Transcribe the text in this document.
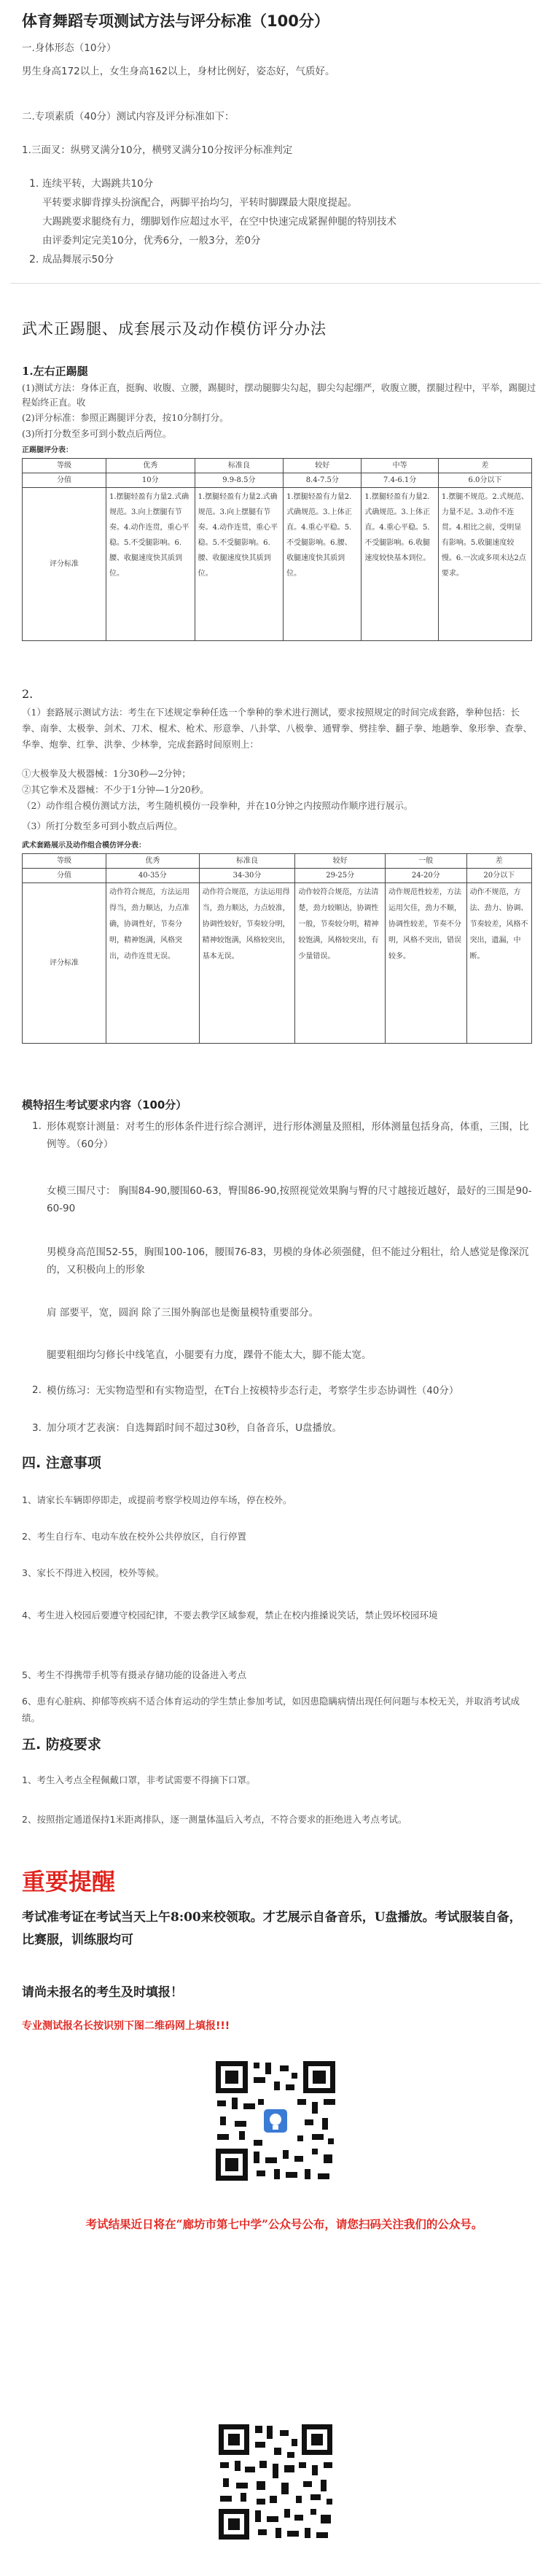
体育舞蹈专项测试方法与评分标准（100分）
一.身体形态（10分）
男生身高172以上，女生身高162以上，身材比例好，姿态好，气质好。
二.专项素质（40分）测试内容及评分标准如下：
1.三面叉：纵劈叉满分10分，横劈叉满分10分按评分标准判定
1. 连续平转，大踢跳共10分
平转要求脚背撑头扮演配合，两脚平抬均匀，平转时脚踝最大限度提起。
大踢跳要求腿绕有力，绷脚划作应超过水平，在空中快速完成紧握伸腿的特别技术
由评委判定完美10分，优秀6分，一般3分，差0分
2. 成品舞展示50分
武术正踢腿、成套展示及动作模仿评分办法
1.左右正踢腿
(1)测试方法：身体正直，挺胸、收腹、立腰，踢腿时，摆动腿脚尖勾起，脚尖勾起绷严，收腹立腰，摆腿过程中，平举，踢腿过程始终正直。收
(2)评分标准：参照正踢腿评分表，按10分制打分。
(3)所打分数至多可到小数点后两位。
正踢腿评分表：
等级	优秀	标准良	较好	中等	差
分值	10分	9.9-8.5分	8.4-7.5分	7.4-6.1分	6.0分以下
评分标准	1.摆腿轻盈有力量2.式确规范。3.向上摆腿有节奏。4.动作连贯，重心平稳。5.不受腿影响。6.腰、收腿速度快其质到位。	1.摆腿轻盈有力量2.式确规范。3.向上摆腿有节奏。4.动作连贯，重心平稳。5.不受腿影响。6.腰、收腿速度快其质到位。	1.摆腿轻盈有力量2.式确规范。3.上体正直。4.重心平稳。5.不受腿影响。6.腰、收腿速度快其质到位。	1.摆腿轻盈有力量2.式确规范。3.上体正直。4.重心平稳。5.不受腿影响。6.收腿速度较快基本到位。	1.摆腿不规范。2.式规范、力量不足。3.动作不连贯。4.相比之前，受明显有影响。5.收腿速度较慢。6.一次或多项未达2点要求。
2.
（1）套路展示测试方法：考生在下述规定拳种任选一个拳种的拳术进行测试，要求按照规定的时间完成套路，拳种包括：长拳、南拳、太极拳、剑术、刀术、棍术、枪术、形意拳、八卦掌、八极拳、通臂拳、劈挂拳、翻子拳、地趟拳、象形拳、查拳、华拳、炮拳、红拳、洪拳、少林拳，完成套路时间原则上：
①大极拳及大极器械：1分30秒—2分钟；
②其它拳术及器械：不少于1分钟—1分20秒。
（2）动作组合模仿测试方法，考生随机模仿一段拳种，并在10分钟之内按照动作顺序进行展示。
（3）所打分数至多可到小数点后两位。
武术套路展示及动作组合模仿评分表：
等级	优秀	标准良	较好	一般	差
分值	40-35分	34-30分	29-25分	24-20分	20分以下
评分标准	动作符合规范，方法运用得当，劲力顺达，力点准确，协调性好，节奏分明，精神饱满，风格突出，动作连贯无误。	动作符合规范，方法运用得当，劲力顺达，力点较准，协调性较好，节奏较分明，精神较饱满，风格较突出，基本无误。	动作较符合规范，方法清楚，劲力较顺达，协调性一般，节奏较分明，精神较饱满，风格较突出，有少量错误。	动作规范性较差，方法运用欠佳，劲力不顺，协调性较差，节奏不分明，风格不突出，错误较多。	动作不规范，方法、劲力、协调、节奏较差，风格不突出，遗漏，中断。
模特招生考试要求内容（100分）
1. 形体观察计测量：对考生的形体条件进行综合测评，进行形体测量及照相，形体测量包括身高，体重，三围，比例等。（60分）
女模三围尺寸： 胸围84-90,腰围60-63，臀围86-90,按照视觉效果胸与臀的尺寸越接近越好，最好的三围是90-60-90
男模身高范围52-55，胸围100-106，腰围76-83，男模的身体必须强健，但不能过分粗壮，给人感觉是像深沉的，又积极向上的形象
肩 部要平，宽，圆润 除了三围外胸部也是衡量模特重要部分。
腿要粗细均匀修长中线笔直，小腿要有力度，踝骨不能太大，脚不能太宽。
2. 模仿练习：无实物造型和有实物造型，在T台上按模特步态行走，考察学生步态协调性（40分）
3. 加分项才艺表演：自选舞蹈时间不超过30秒，自备音乐，U盘播放。
四. 注意事项
1、请家长车辆即停即走，或提前考察学校周边停车场，停在校外。
2、考生自行车、电动车放在校外公共停放区，自行停置
3、家长不得进入校园，校外等候。
4、考生进入校园后要遵守校园纪律，不要去教学区域参观，禁止在校内推搡说笑话，禁止毁坏校园环境
5、考生不得携带手机等有摄录存储功能的设备进入考点
6、患有心脏病、抑郁等疾病不适合体育运动的学生禁止参加考试，如因患隐瞒病情出现任何问题与本校无关，并取消考试成绩。
五. 防疫要求
1、考生入考点全程佩戴口罩，非考试需要不得摘下口罩。
2、按照指定通道保持1米距离排队，逐一测量体温后入考点，不符合要求的拒绝进入考点考试。
重要提醒
考试准考证在考试当天上午8:00来校领取。才艺展示自备音乐，U盘播放。考试服装自备，比赛服，训练服均可
请尚未报名的考生及时填报！
专业测试报名长按识别下图二维码网上填报!!!
考试结果近日将在“廊坊市第七中学”公众号公布，请您扫码关注我们的公众号。
